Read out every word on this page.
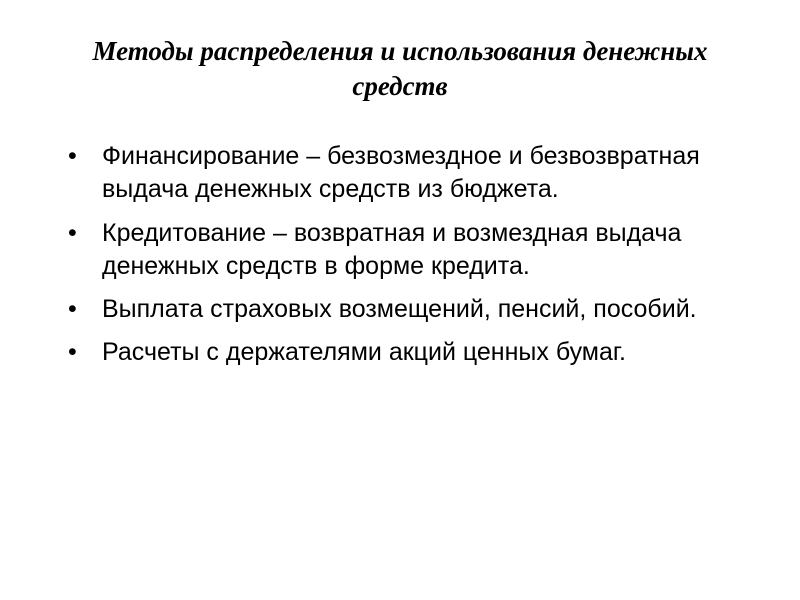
Методы распределения и использования денежных средств
• Финансирование – безвозмездное и безвозвратная выдача денежных средств из бюджета.
• Кредитование – возвратная и возмездная выдача денежных средств в форме кредита.
• Выплата страховых возмещений, пенсий, пособий.
• Расчеты с держателями акций ценных бумаг.
